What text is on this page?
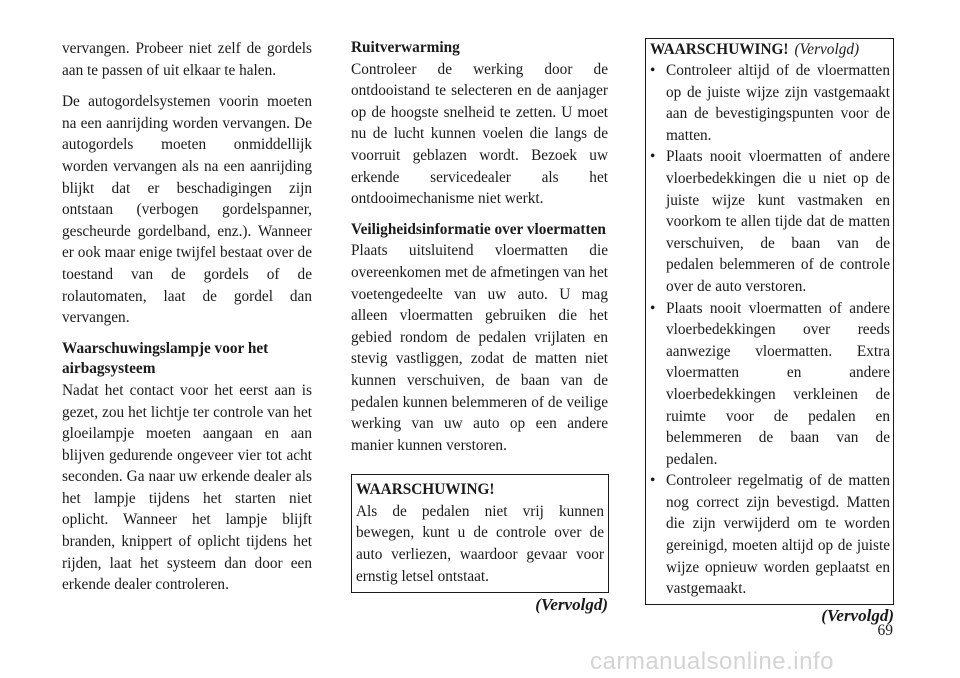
vervangen. Probeer niet zelf de gordels aan te passen of uit elkaar te halen.

De autogordelsystemen voorin moeten na een aanrijding worden vervangen. De autogordels moeten onmiddellijk worden vervangen als na een aanrijding blijkt dat er beschadigingen zijn ontstaan (verbogen gordelspanner, gescheurde gordelband, enz.). Wanneer er ook maar enige twijfel bestaat over de toestand van de gordels of de rolautomaten, laat de gordel dan vervangen.

Waarschuwingslampje voor het airbagsysteem

Nadat het contact voor het eerst aan is gezet, zou het lichtje ter controle van het gloeilampje moeten aangaan en aan blijven gedurende ongeveer vier tot acht seconden. Ga naar uw erkende dealer als het lampje tijdens het starten niet oplicht. Wanneer het lampje blijft branden, knippert of oplicht tijdens het rijden, laat het systeem dan door een erkende dealer controleren.

Ruitverwarming

Controleer de werking door de ontdooistand te selecteren en de aanjager op de hoogste snelheid te zetten. U moet nu de lucht kunnen voelen die langs de voorruit geblazen wordt. Bezoek uw erkende servicedealer als het ontdooimechanisme niet werkt.

Veiligheidsinformatie over vloermatten

Plaats uitsluitend vloermatten die overeenkomen met de afmetingen van het voetengedeelte van uw auto. U mag alleen vloermatten gebruiken die het gebied rondom de pedalen vrijlaten en stevig vastliggen, zodat de matten niet kunnen verschuiven, de baan van de pedalen kunnen belemmeren of de veilige werking van uw auto op een andere manier kunnen verstoren.

WAARSCHUWING!

Als de pedalen niet vrij kunnen bewegen, kunt u de controle over de auto verliezen, waardoor gevaar voor ernstig letsel ontstaat.

(Vervolgd)
WAARSCHUWING! (Vervolgd)
• Controleer altijd of de vloermatten op de juiste wijze zijn vastgemaakt aan de bevestigingspunten voor de matten.
• Plaats nooit vloermatten of andere vloerbedekkingen die u niet op de juiste wijze kunt vastmaken en voorkom te allen tijde dat de matten verschuiven, de baan van de pedalen belemmeren of de controle over de auto verstoren.
• Plaats nooit vloermatten of andere vloerbedekkingen over reeds aanwezige vloermatten. Extra vloermatten en andere vloerbedekkingen verkleinen de ruimte voor de pedalen en belemmeren de baan van de pedalen.
• Controleer regelmatig of de matten nog correct zijn bevestigd. Matten die zijn verwijderd om te worden gereinigd, moeten altijd op de juiste wijze opnieuw worden geplaatst en vastgemaakt.
(Vervolgd)
69
carmanualsonline.info
